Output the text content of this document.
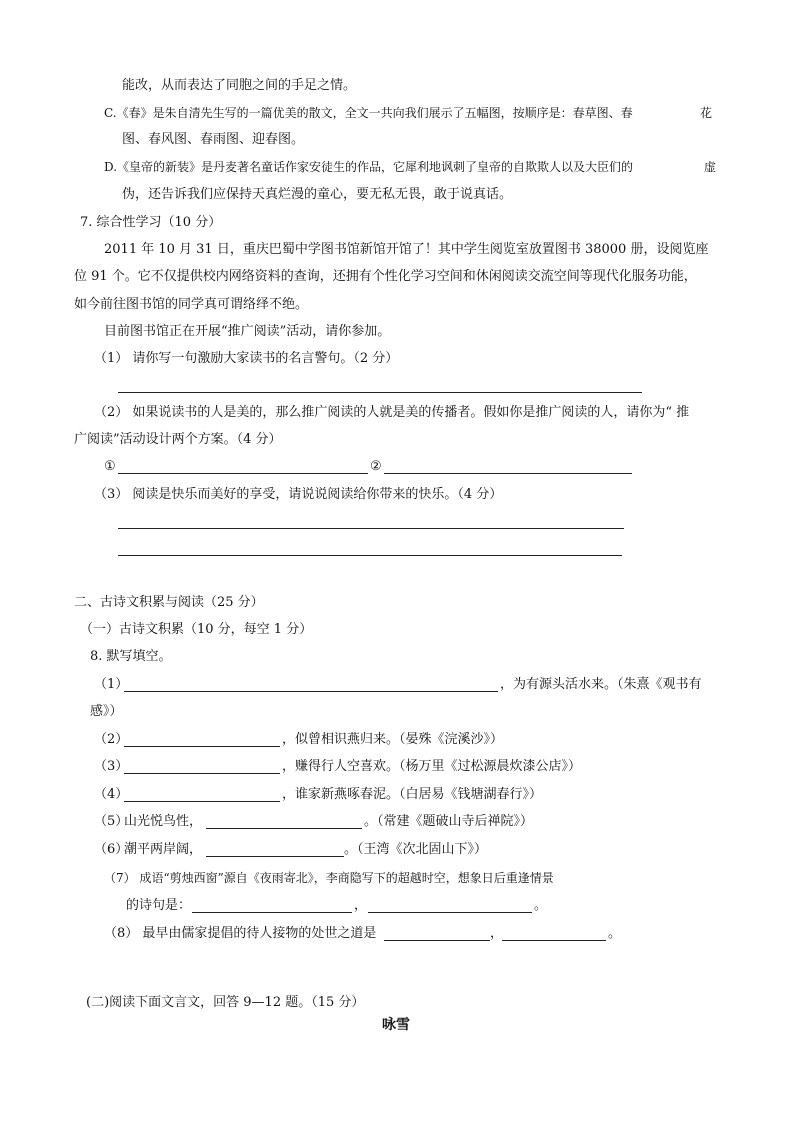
能改，从而表达了同胞之间的手足之情。
C.《春》是朱自清先生写的一篇优美的散文，全文一共向我们展示了五幅图，按顺序是：春草图、春	花
图、春风图、春雨图、迎春图。
D.《皇帝的新装》是丹麦著名童话作家安徒生的作品，它犀利地讽刺了皇帝的自欺欺人以及大臣们的	虚
伪，还告诉我们应保持天真烂漫的童心，要无私无畏，敢于说真话。
7. 综合性学习（10 分）
2011 年 10 月 31 日，重庆巴蜀中学图书馆新馆开馆了！其中学生阅览室放置图书 38000 册，设阅览座
位 91 个。它不仅提供校内网络资料的查询，还拥有个性化学习空间和休闲阅读交流空间等现代化服务功能，
如今前往图书馆的同学真可谓络绎不绝。
目前图书馆正在开展“推广阅读”活动，请你参加。
（1） 请你写一句激励大家读书的名言警句。（2 分）
（2） 如果说读书的人是美的，那么推广阅读的人就是美的传播者。假如你是推广阅读的人，请你为“ 推
广阅读”活动设计两个方案。（4 分）
①	②
（3） 阅读是快乐而美好的享受，请说说阅读给你带来的快乐。（4 分）
二、古诗文积累与阅读（25 分）
（一）古诗文积累（10 分，每空 1 分）
8. 默写填空。
（1）	，为有源头活水来。（朱熹《观书有
感》）
（2）	，似曾相识燕归来。（晏殊《浣溪沙》）
（3）	，赚得行人空喜欢。（杨万里《过松源晨炊漆公店》）
（4）	，谁家新燕啄春泥。（白居易《钱塘湖春行》）
（5）
山光悦鸟性，	。（常建《题破山寺后禅院》）
（6）
潮平两岸阔，	。（王湾《次北固山下》）
（7） 成语“剪烛西窗”源自《夜雨寄北》，李商隐写下的超越时空，想象日后重逢情景
的诗句是：	，	。
（8） 最早由儒家提倡的待人接物的处世之道是	，	。
(二)阅读下面文言文，回答 9—12 题。（15 分）
咏雪
